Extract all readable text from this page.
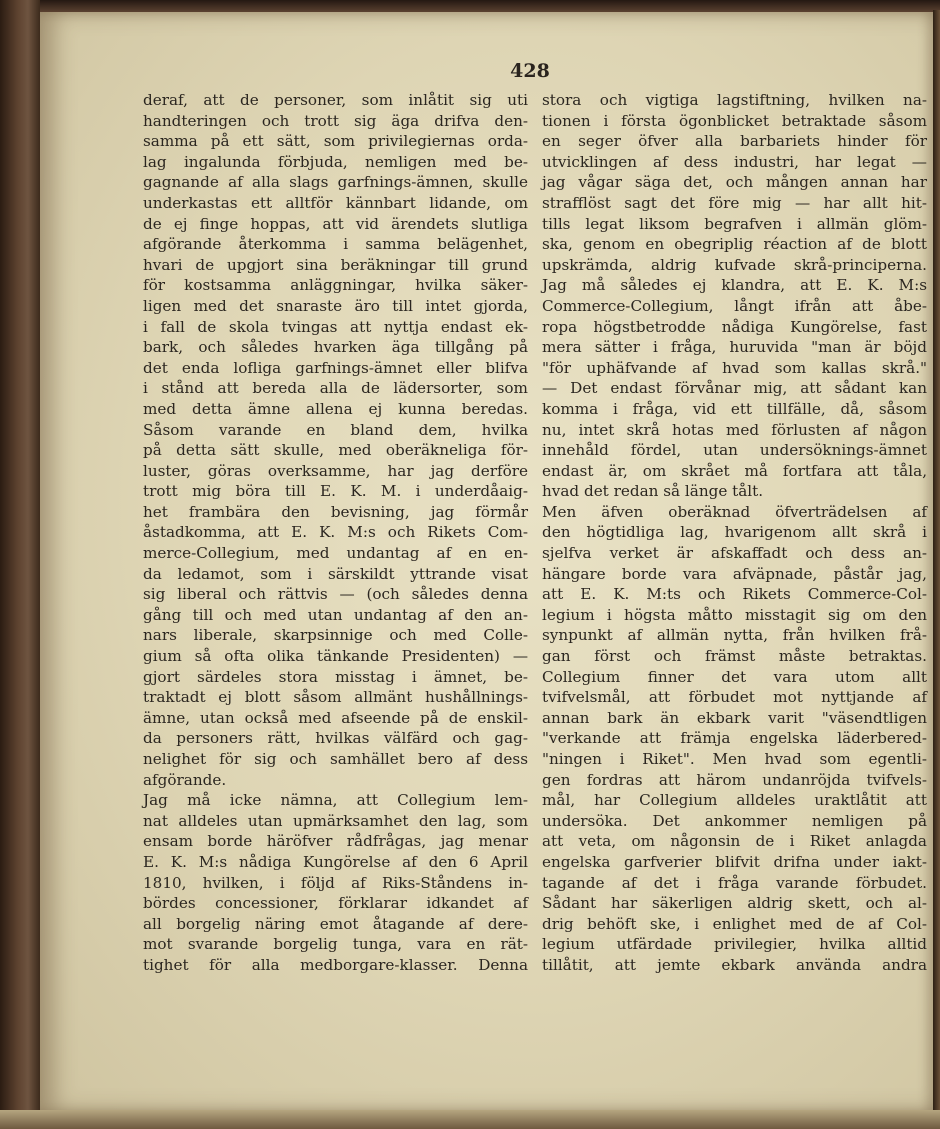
428
deraf, att de personer, som inlåtit sig uti
handteringen och trott sig äga drifva den-
samma på ett sätt, som privilegiernas orda-
lag ingalunda förbjuda, nemligen med be-
gagnande af alla slags garfnings-ämnen, skulle
underkastas ett alltför kännbart lidande, om
de ej finge hoppas, att vid ärendets slutliga
afgörande återkomma i samma belägenhet,
hvari de upgjort sina beräkningar till grund
för kostsamma anläggningar, hvilka säker-
ligen med det snaraste äro till intet gjorda,
i fall de skola tvingas att nyttja endast ek-
bark, och således hvarken äga tillgång på
det enda lofliga garfnings-ämnet eller blifva
i stånd att bereda alla de lädersorter, som
med detta ämne allena ej kunna beredas.
Såsom varande en bland dem, hvilka
på detta sätt skulle, med oberäkneliga för-
luster, göras overksamme, har jag derföre
trott mig böra till E. K. M. i underdåaig-
het frambära den bevisning, jag förmår
åstadkomma, att E. K. M:s och Rikets Com-
merce-Collegium, med undantag af en en-
da ledamot, som i särskildt yttrande visat
sig liberal och rättvis — (och således denna
gång till och med utan undantag af den an-
nars liberale, skarpsinnige och med Colle-
gium så ofta olika tänkande Presidenten) —
gjort särdeles stora misstag i ämnet, be-
traktadt ej blott såsom allmänt hushållnings-
ämne, utan också med afseende på de enskil-
da personers rätt, hvilkas välfärd och gag-
nelighet för sig och samhället bero af dess
afgörande.
Jag må icke nämna, att Collegium lem-
nat alldeles utan upmärksamhet den lag, som
ensam borde häröfver rådfrågas, jag menar
E. K. M:s nådiga Kungörelse af den 6 April
1810, hvilken, i följd af Riks-Ståndens in-
bördes concessioner, förklarar idkandet af
all borgelig näring emot åtagande af dere-
mot svarande borgelig tunga, vara en rät-
tighet för alla medborgare-klasser. Denna
stora och vigtiga lagstiftning, hvilken na-
tionen i första ögonblicket betraktade såsom
en seger öfver alla barbariets hinder för
utvicklingen af dess industri, har legat —
jag vågar säga det, och mången annan har
strafflöst sagt det före mig — har allt hit-
tills legat liksom begrafven i allmän glöm-
ska, genom en obegriplig réaction af de blott
upskrämda, aldrig kufvade skrå-principerna.
Jag må således ej klandra, att E. K. M:s
Commerce-Collegium, långt ifrån att åbe-
ropa högstbetrodde nådiga Kungörelse, fast
mera sätter i fråga, huruvida "man är böjd
"för uphäfvande af hvad som kallas skrå."
— Det endast förvånar mig, att sådant kan
komma i fråga, vid ett tillfälle, då, såsom
nu, intet skrå hotas med förlusten af någon
innehåld fördel, utan undersöknings-ämnet
endast är, om skrået må fortfara att tåla,
hvad det redan så länge tålt.
Men äfven oberäknad öfverträdelsen af
den högtidliga lag, hvarigenom allt skrå i
sjelfva verket är afskaffadt och dess an-
hängare borde vara afväpnade, påstår jag,
att E. K. M:ts och Rikets Commerce-Col-
legium i högsta måtto misstagit sig om den
synpunkt af allmän nytta, från hvilken frå-
gan först och främst måste betraktas.
Collegium finner det vara utom allt
tvifvelsmål, att förbudet mot nyttjande af
annan bark än ekbark varit "väsendtligen
"verkande att främja engelska läderbered-
"ningen i Riket". Men hvad som egentli-
gen fordras att härom undanröjda tvifvels-
mål, har Collegium alldeles uraktlåtit att
undersöka. Det ankommer nemligen på
att veta, om någonsin de i Riket anlagda
engelska garfverier blifvit drifna under iakt-
tagande af det i fråga varande förbudet.
Sådant har säkerligen aldrig skett, och al-
drig behöft ske, i enlighet med de af Col-
legium utfärdade privilegier, hvilka alltid
tillåtit, att jemte ekbark använda andra
